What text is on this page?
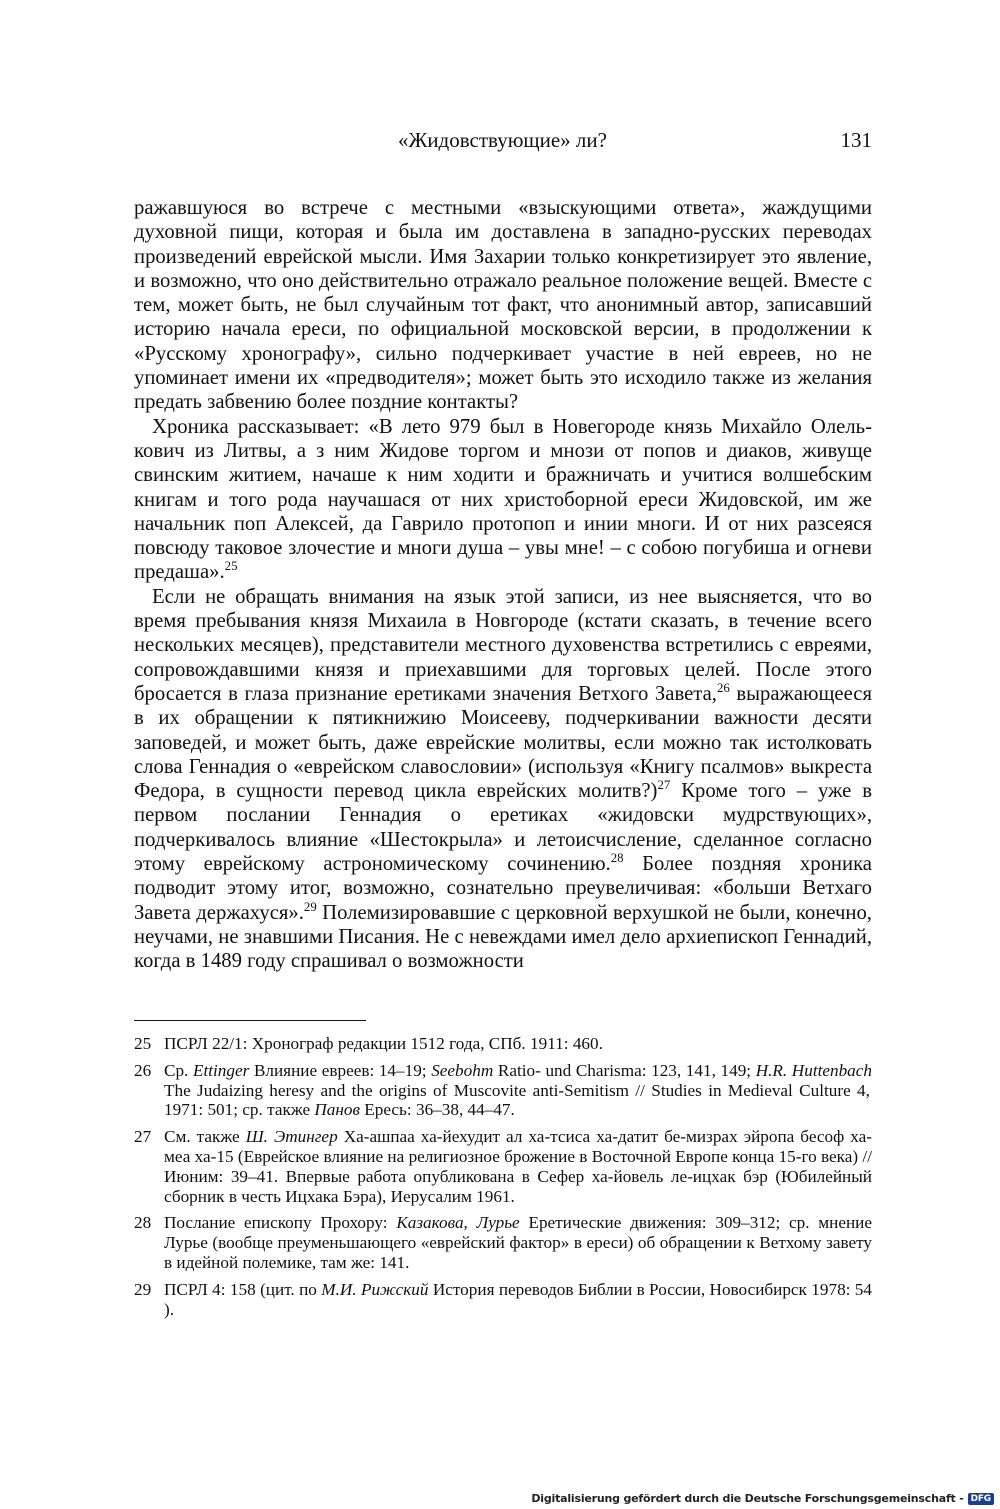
«Жидовствующие» ли?	131

ражавшуюся во встрече с местными «взыскующими ответа», жаждущими духовной пищи, которая и была им доставлена в западно-русских переводах произведений еврейской мысли. Имя Захарии только конкретизирует это явление, и возможно, что оно действительно отражало реальное положение вещей. Вместе с тем, может быть, не был случайным тот факт, что анонимный автор, записавший историю начала ереси, по официальной московской версии, в продолжении к «Русскому хронографу», сильно подчеркивает участие в ней евреев, но не упоминает имени их «предводителя»; может быть это исходило также из желания предать забвению более поздние контакты?

Хроника рассказывает: «В лето 979 был в Новегороде князь Михайло Олелькович из Литвы, а з ним Жидове торгом и мнози от попов и диаков, живуще свинским житием, начаше к ним ходити и бражничать и учитися волшебским книгам и того рода научашася от них христоборной ереси Жидовской, им же начальник поп Алексей, да Гаврило протопоп и инии многи. И от них разсеяся повсюду таковое злочестие и многи душа – увы мне! – с собою погубиша и огневи предаша».$^{25}$

Если не обращать внимания на язык этой записи, из нее выясняется, что во время пребывания князя Михаила в Новгороде (кстати сказать, в течение всего нескольких месяцев), представители местного духовенства встретились с евреями, сопровождавшими князя и приехавшими для торговых целей. После этого бросается в глаза признание еретиками значения Ветхого Завета,$^{26}$ выражающееся в их обращении к пятикнижию Моисееву, подчеркивании важности десяти заповедей, и может быть, даже еврейские молитвы, если можно так истолковать слова Геннадия о «еврейском славословии» (используя «Книгу псалмов» выкреста Федора, в сущности перевод цикла еврейских молитв?)$^{27}$ Кроме того – уже в первом послании Геннадия о еретиках «жидовски мудрствующих», подчеркивалось влияние «Шестокрыла» и летоисчисление, сделанное согласно этому еврейскому астрономическому сочинению.$^{28}$ Более поздняя хроника подводит этому итог, возможно, сознательно преувеличивая: «больши Ветхаго Завета держахуся».$^{29}$ Полемизировавшие с церковной верхушкой не были, конечно, неучами, не знавшими Писания. Не с невеждами имел дело архиепископ Геннадий, когда в 1489 году спрашивал о возможности

25 ПСРЛ 22/1: Хронограф редакции 1512 года, СПб. 1911: 460.
26 Ср. Ettinger Влияние евреев: 14–19; Seebohm Ratio- und Charisma: 123, 141, 149; H.R. Huttenbach The Judaizing heresy and the origins of Muscovite anti-Semitism // Studies in Medieval Culture 4, 1971: 501; ср. также Панов Ересь: 36–38, 44–47.
27 См. также Ш. Этингер Ха-ашпаа ха-йехудит ал ха-тсиса ха-датит бе-мизрах эйропа бесоф ха-меа ха-15 (Еврейское влияние на религиозное брожение в Восточной Европе конца 15-го века) // Июним: 39–41. Впервые работа опубликована в Сефер ха-йовель ле-ицхак бэр (Юбилейный сборник в честь Ицхака Бэра), Иерусалим 1961.
28 Послание епископу Прохору: Казакова, Лурье Еретические движения: 309–312; ср. мнение Лурье (вообще преуменьшающего «еврейский фактор» в ереси) об обращении к Ветхому завету в идейной полемике, там же: 141.
29 ПСРЛ 4: 158 (цит. по М.И. Рижский История переводов Библии в России, Новосибирск 1978: 54 ).
Digitalisierung gefördert durch die Deutsche Forschungsgemeinschaft - DFG
